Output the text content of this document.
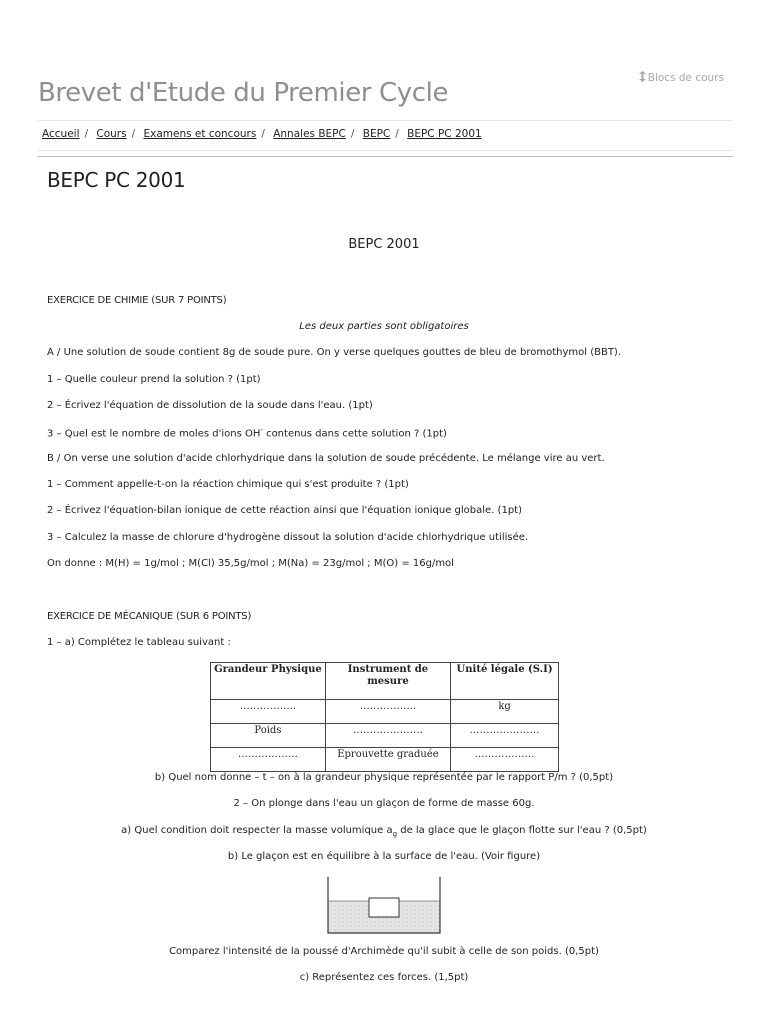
Blocs de cours
Brevet d'Etude du Premier Cycle
Accueil / Cours / Examens et concours / Annales BEPC / BEPC / BEPC PC 2001
BEPC PC 2001

BEPC 2001

EXERCICE DE CHIMIE (SUR 7 POINTS)

Les deux parties sont obligatoires

A / Une solution de soude contient 8g de soude pure. On y verse quelques gouttes de bleu de bromothymol (BBT).

1 – Quelle couleur prend la solution ? (1pt)

2 – Écrivez l'équation de dissolution de la soude dans l'eau. (1pt)

3 – Quel est le nombre de moles d'ions OH- contenus dans cette solution ? (1pt)

B / On verse une solution d'acide chlorhydrique dans la solution de soude précédente. Le mélange vire au vert.

1 – Comment appelle-t-on la réaction chimique qui s'est produite ? (1pt)

2 – Écrivez l'équation-bilan ionique de cette réaction ainsi que l'équation ionique globale. (1pt)

3 – Calculez la masse de chlorure d'hydrogène dissout la solution d'acide chlorhydrique utilisée.

On donne : M(H) = 1g/mol ; M(Cl) 35,5g/mol ; M(Na) = 23g/mol ; M(O) = 16g/mol

EXERCICE DE MÉCANIQUE (SUR 6 POINTS)

1 – a) Complétez le tableau suivant :

Grandeur Physique	Instrument de mesure	Unité légale (S.I)
……………..	……………..	kg
Poids	…………………	…………………
………………	Eprouvette graduée	………………

b) Quel nom donne – t – on à la grandeur physique représentée par le rapport P/m ? (0,5pt)

2 – On plonge dans l'eau un glaçon de forme de masse 60g.

a) Quel condition doit respecter la masse volumique $a_g$ de la glace que le glaçon flotte sur l'eau ? (0,5pt)

b) Le glaçon est en équilibre à la surface de l'eau. (Voir figure)

Comparez l'intensité de la poussé d'Archimède qu'il subit à celle de son poids. (0,5pt)

c) Représentez ces forces. (1,5pt)
